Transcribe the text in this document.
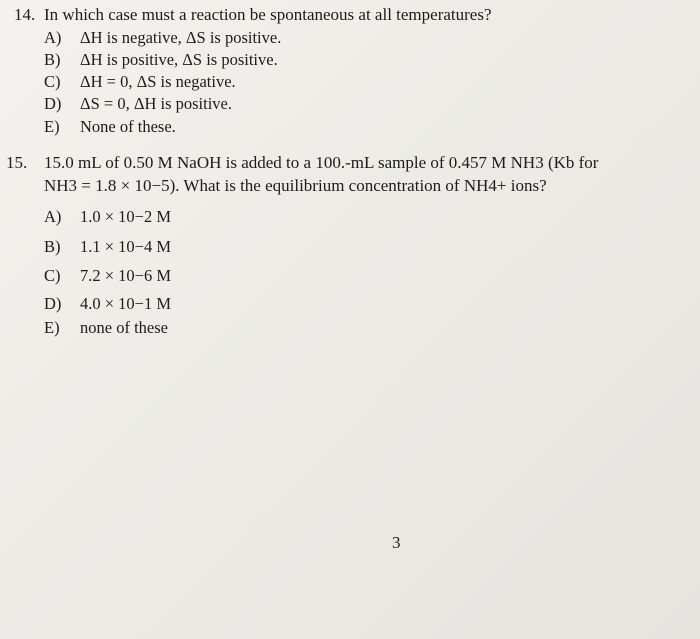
14. In which case must a reaction be spontaneous at all temperatures?
A) ΔH is negative, ΔS is positive.
B) ΔH is positive, ΔS is positive.
C) ΔH = 0, ΔS is negative.
D) ΔS = 0, ΔH is positive.
E) None of these.
15. 15.0 mL of 0.50 M NaOH is added to a 100.-mL sample of 0.457 M NH3 (Kb for
NH3 = 1.8 × 10−5). What is the equilibrium concentration of NH4+ ions?
A) 1.0 × 10−2 M
B) 1.1 × 10−4 M
C) 7.2 × 10−6 M
D) 4.0 × 10−1 M
E) none of these
3
